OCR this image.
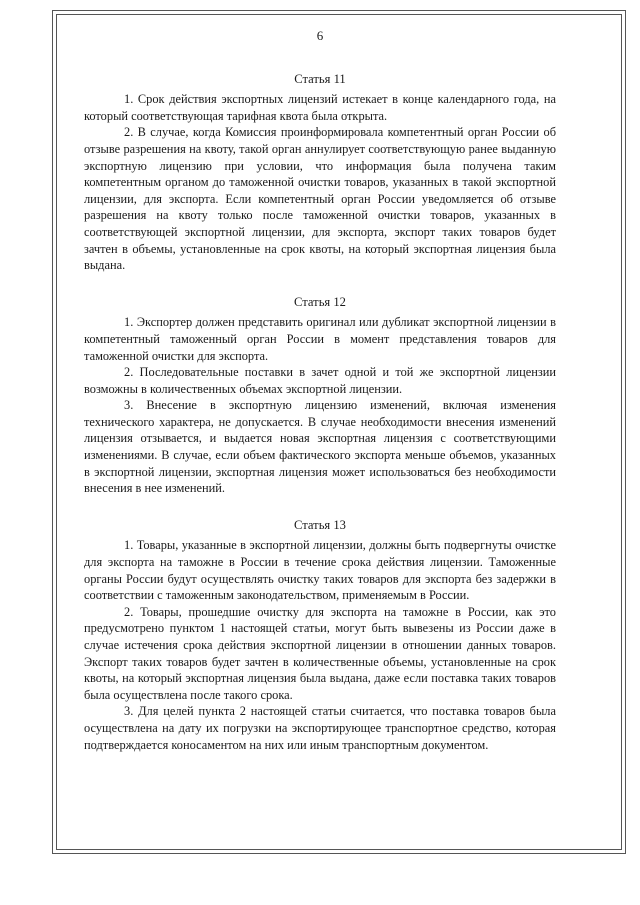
6
Статья 11

1. Срок действия экспортных лицензий истекает в конце календарного года, на который соответствующая тарифная квота была открыта.

2. В случае, когда Комиссия проинформировала компетентный орган России об отзыве разрешения на квоту, такой орган аннулирует соответствующую ранее выданную экспортную лицензию при условии, что информация была получена таким компетентным органом до таможенной очистки товаров, указанных в такой экспортной лицензии, для экспорта. Если компетентный орган России уведомляется об отзыве разрешения на квоту только после таможенной очистки товаров, указанных в соответствующей экспортной лицензии, для экспорта, экспорт таких товаров будет зачтен в объемы, установленные на срок квоты, на который экспортная лицензия была выдана.

Статья 12

1. Экспортер должен представить оригинал или дубликат экспортной лицензии в компетентный таможенный орган России в момент представления товаров для таможенной очистки для экспорта.

2. Последовательные поставки в зачет одной и той же экспортной лицензии возможны в количественных объемах экспортной лицензии.

3. Внесение в экспортную лицензию изменений, включая изменения технического характера, не допускается. В случае необходимости внесения изменений лицензия отзывается, и выдается новая экспортная лицензия с соответствующими изменениями. В случае, если объем фактического экспорта меньше объемов, указанных в экспортной лицензии, экспортная лицензия может использоваться без необходимости внесения в нее изменений.

Статья 13

1. Товары, указанные в экспортной лицензии, должны быть подвергнуты очистке для экспорта на таможне в России в течение срока действия лицензии. Таможенные органы России будут осуществлять очистку таких товаров для экспорта без задержки в соответствии с таможенным законодательством, применяемым в России.

2. Товары, прошедшие очистку для экспорта на таможне в России, как это предусмотрено пунктом 1 настоящей статьи, могут быть вывезены из России даже в случае истечения срока действия экспортной лицензии в отношении данных товаров. Экспорт таких товаров будет зачтен в количественные объемы, установленные на срок квоты, на который экспортная лицензия была выдана, даже если поставка таких товаров была осуществлена после такого срока.

3. Для целей пункта 2 настоящей статьи считается, что поставка товаров была осуществлена на дату их погрузки на экспортирующее транспортное средство, которая подтверждается коносаментом на них или иным транспортным документом.
